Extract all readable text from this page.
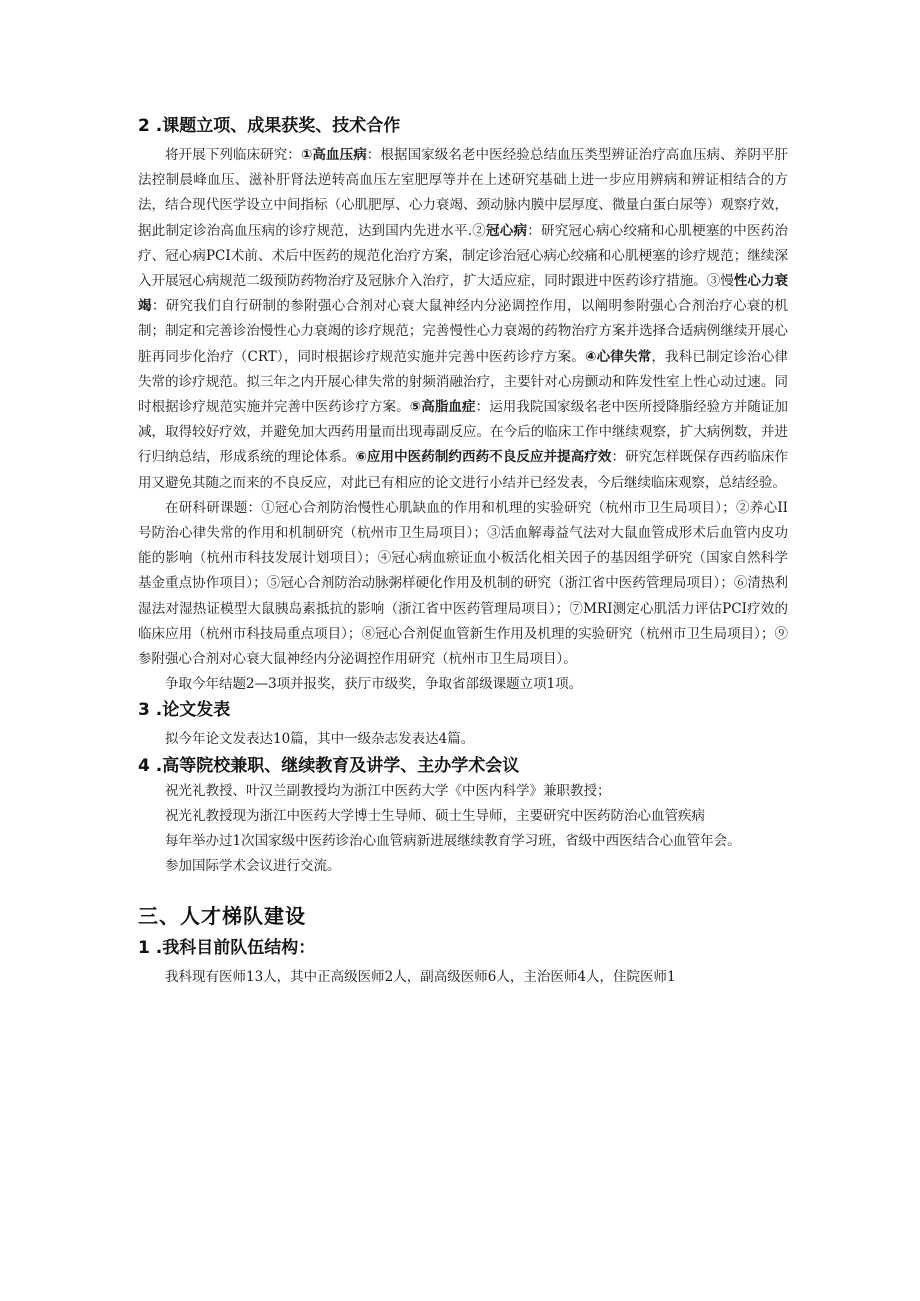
2 .课题立项、成果获奖、技术合作

将开展下列临床研究：①高血压病：根据国家级名老中医经验总结血压类型辨证治疗高血压病、养阴平肝法控制晨峰血压、滋补肝肾法逆转高血压左室肥厚等并在上述研究基础上进一步应用辨病和辨证相结合的方法，结合现代医学设立中间指标（心肌肥厚、心力衰竭、颈动脉内膜中层厚度、微量白蛋白尿等）观察疗效，据此制定诊治高血压病的诊疗规范，达到国内先进水平.②冠心病：研究冠心病心绞痛和心肌梗塞的中医药治疗、冠心病PCI术前、术后中医药的规范化治疗方案，制定诊治冠心病心绞痛和心肌梗塞的诊疗规范；继续深入开展冠心病规范二级预防药物治疗及冠脉介入治疗，扩大适应症，同时跟进中医药诊疗措施。③慢性心力衰竭：研究我们自行研制的参附强心合剂对心衰大鼠神经内分泌调控作用，以阐明参附强心合剂治疗心衰的机制；制定和完善诊治慢性心力衰竭的诊疗规范；完善慢性心力衰竭的药物治疗方案并选择合适病例继续开展心脏再同步化治疗（CRT），同时根据诊疗规范实施并完善中医药诊疗方案。④心律失常，我科已制定诊治心律失常的诊疗规范。拟三年之内开展心律失常的射频消融治疗，主要针对心房颤动和阵发性室上性心动过速。同时根据诊疗规范实施并完善中医药诊疗方案。⑤高脂血症：运用我院国家级名老中医所授降脂经验方并随证加减，取得较好疗效，并避免加大西药用量而出现毒副反应。在今后的临床工作中继续观察，扩大病例数，并进行归纳总结，形成系统的理论体系。⑥应用中医药制约西药不良反应并提高疗效：研究怎样既保存西药临床作用又避免其随之而来的不良反应，对此已有相应的论文进行小结并已经发表，今后继续临床观察，总结经验。

在研科研课题：①冠心合剂防治慢性心肌缺血的作用和机理的实验研究（杭州市卫生局项目）；②养心II号防治心律失常的作用和机制研究（杭州市卫生局项目）；③活血解毒益气法对大鼠血管成形术后血管内皮功能的影响（杭州市科技发展计划项目）；④冠心病血瘀证血小板活化相关因子的基因组学研究（国家自然科学基金重点协作项目）；⑤冠心合剂防治动脉粥样硬化作用及机制的研究（浙江省中医药管理局项目）；⑥清热利湿法对湿热证模型大鼠胰岛素抵抗的影响（浙江省中医药管理局项目）；⑦MRI测定心肌活力评估PCI疗效的临床应用（杭州市科技局重点项目）；⑧冠心合剂促血管新生作用及机理的实验研究（杭州市卫生局项目）；⑨参附强心合剂对心衰大鼠神经内分泌调控作用研究（杭州市卫生局项目）。

争取今年结题2—3项并报奖，获厅市级奖，争取省部级课题立项1项。

3 .论文发表

拟今年论文发表达10篇，其中一级杂志发表达4篇。

4 .高等院校兼职、继续教育及讲学、主办学术会议

祝光礼教授、叶汉兰副教授均为浙江中医药大学《中医内科学》兼职教授；

祝光礼教授现为浙江中医药大学博士生导师、硕士生导师，主要研究中医药防治心血管疾病

每年举办过1次国家级中医药诊治心血管病新进展继续教育学习班，省级中西医结合心血管年会。

参加国际学术会议进行交流。

三、人才梯队建设
1 .我科目前队伍结构：

我科现有医师13人，其中正高级医师2人，副高级医师6人，主治医师4人，住院医师1
